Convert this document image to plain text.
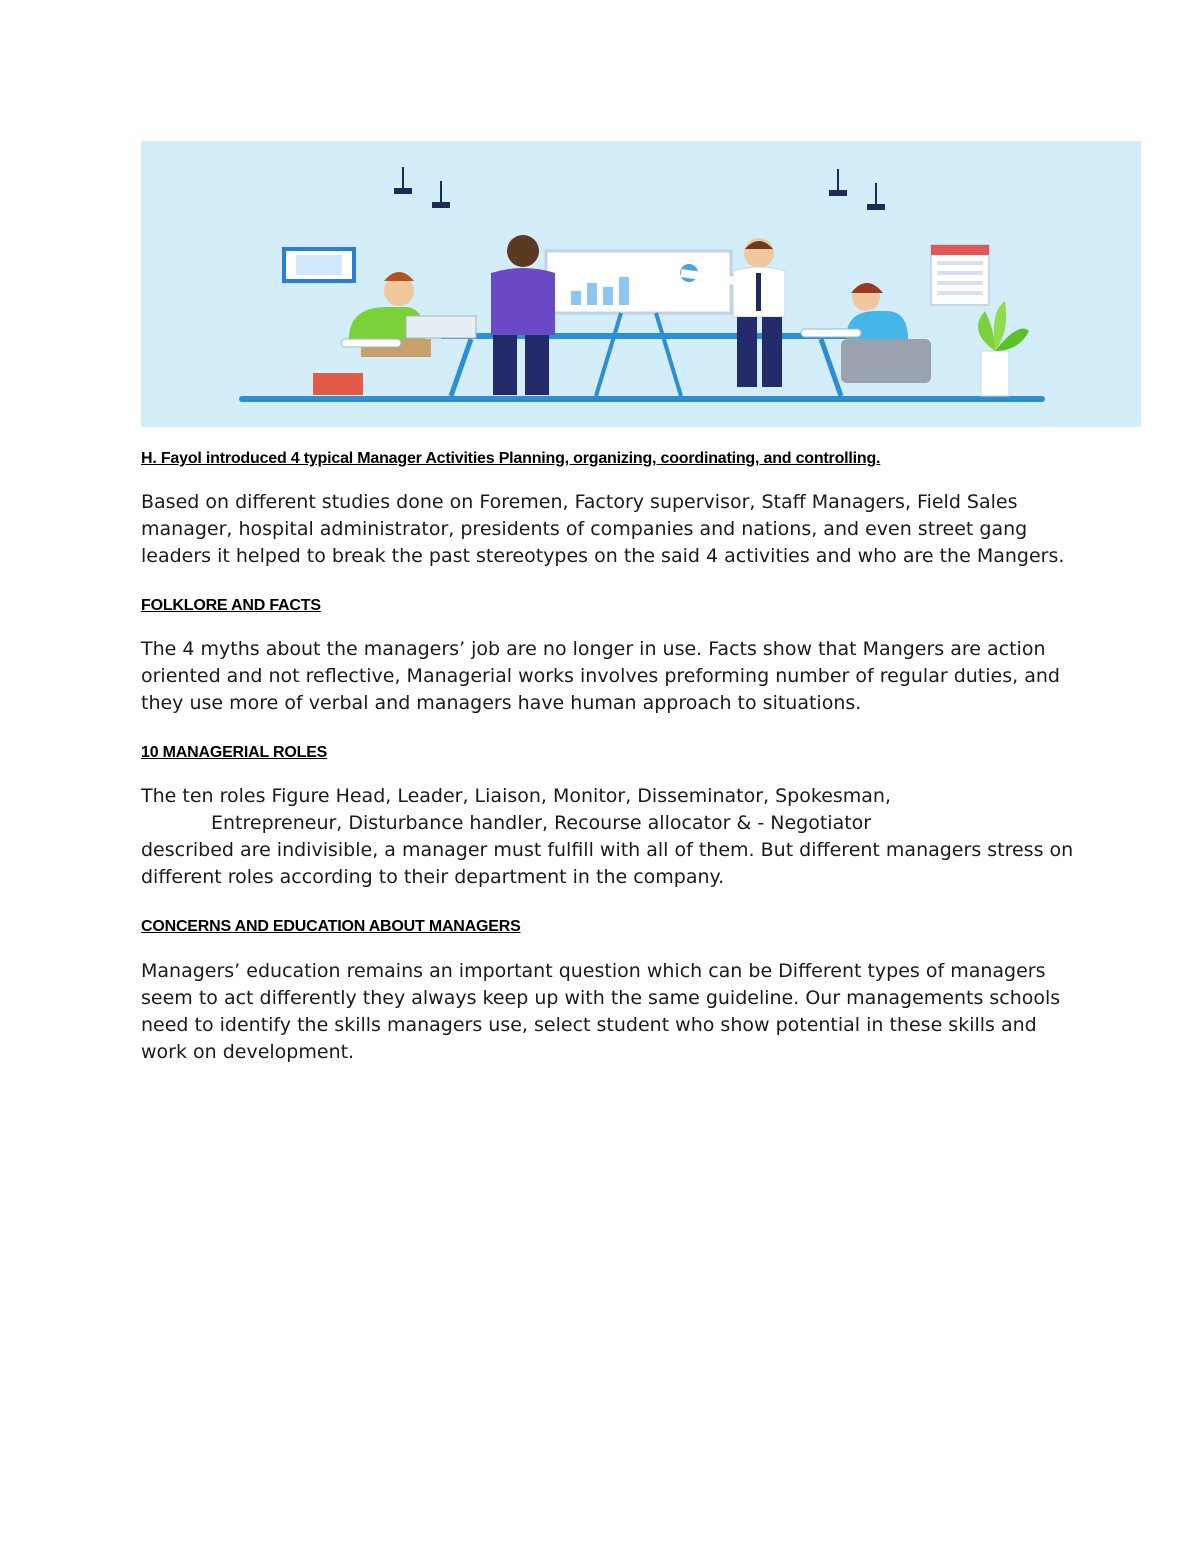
H. Fayol introduced 4 typical Manager Activities Planning, organizing, coordinating, and controlling.

Based on different studies done on Foremen, Factory supervisor, Staff Managers, Field Sales manager, hospital administrator, presidents of companies and nations, and even street gang leaders it helped to break the past stereotypes on the said 4 activities and who are the Mangers.

FOLKLORE AND FACTS

The 4 myths about the managers’ job are no longer in use. Facts show that Mangers are action oriented and not reflective, Managerial works involves preforming number of regular duties, and they use more of verbal and managers have human approach to situations.

10 MANAGERIAL ROLES

The ten roles Figure Head, Leader, Liaison, Monitor, Disseminator, Spokesman,
Entrepreneur, Disturbance handler, Recourse allocator & - Negotiator
described are indivisible, a manager must fulfill with all of them. But different managers stress on different roles according to their department in the company.

CONCERNS AND EDUCATION ABOUT MANAGERS

Managers’ education remains an important question which can be Different types of managers seem to act differently they always keep up with the same guideline. Our managements schools need to identify the skills managers use, select student who show potential in these skills and work on development.
